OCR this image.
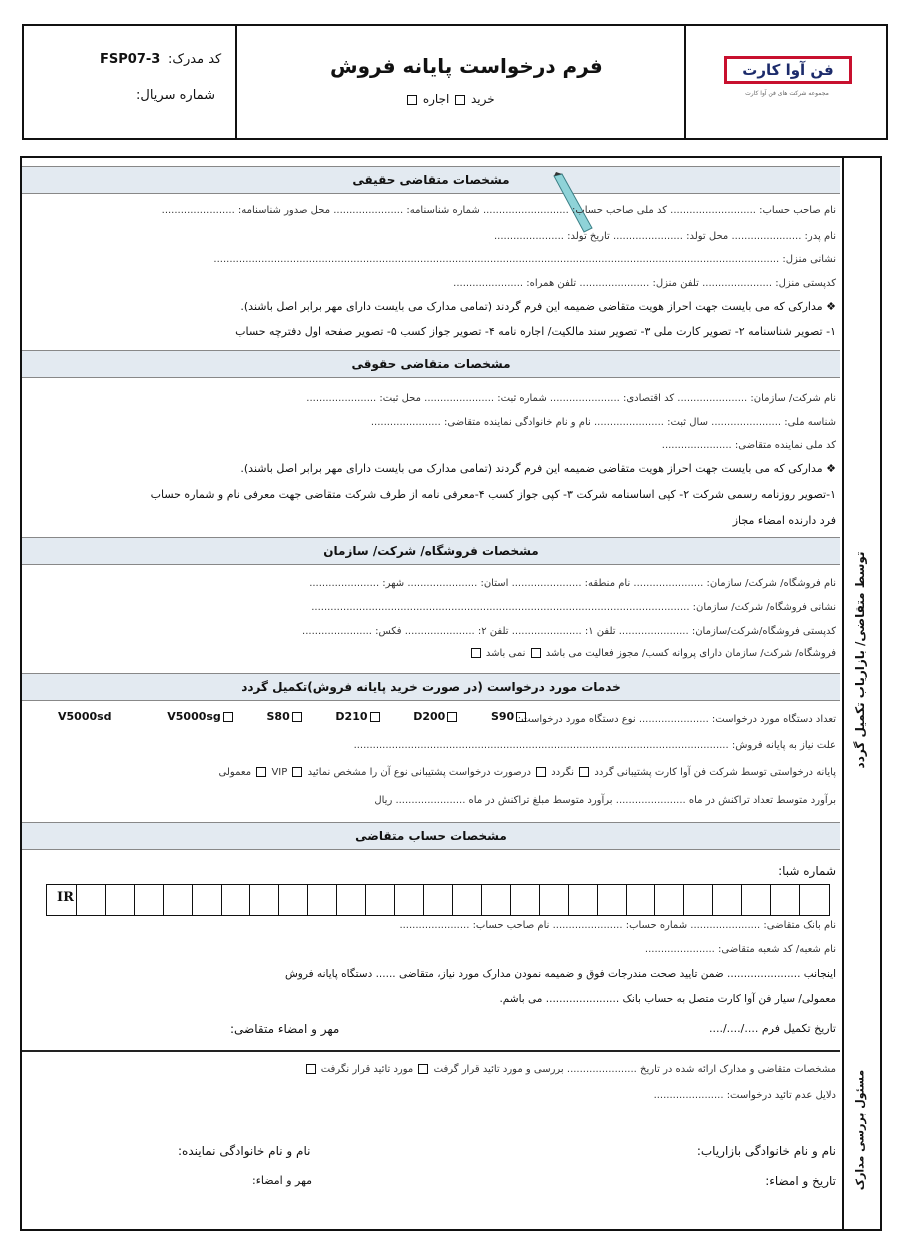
FSP07-3 کد مدرک:
شماره سریال:
فرم درخواست پایانه فروش
خرید  اجاره
فن آوا کارت
مجموعه شرکت های فن آوا کارت
توسط متقاضی/ بازاریاب تکمیل گردد
مسئول بررسی مدارک
مشخصات متقاضی حقیقی
نام صاحب حساب: ........................... کد ملی صاحب حساب: ........................... شماره شناسنامه: ...................... محل صدور شناسنامه: .......................
نام پدر: ...................... محل تولد: ...................... تاریخ تولد: ......................
نشانی منزل: ..................................................................................................................................................................................
کدپستی منزل: ...................... تلفن منزل: ...................... تلفن همراه: ......................
❖ مدارکی که می بایست جهت احراز هویت متقاضی ضمیمه این فرم گردند (تمامی مدارک می بایست دارای مهر برابر اصل باشند).
۱- تصویر شناسنامه ۲- تصویر کارت ملی ۳- تصویر سند مالکیت/ اجاره نامه ۴- تصویر جواز کسب ۵- تصویر صفحه اول دفترچه حساب
مشخصات متقاضی حقوقی
نام شرکت/ سازمان: ...................... کد اقتصادی: ...................... شماره ثبت: ...................... محل ثبت: ......................
شناسه ملی: ...................... سال ثبت: ...................... نام و نام خانوادگی نماینده متقاضی: ......................
کد ملی نماینده متقاضی: ......................
❖ مدارکی که می بایست جهت احراز هویت متقاضی ضمیمه این فرم گردند (تمامی مدارک می بایست دارای مهر برابر اصل باشند).
۱-تصویر روزنامه رسمی شرکت ۲- کپی اساسنامه شرکت ۳- کپی جواز کسب ۴-معرفی نامه از طرف شرکت متقاضی جهت معرفی نام و شماره حساب
فرد دارنده امضاء مجاز
مشخصات فروشگاه/ شرکت/ سازمان
نام فروشگاه/ شرکت/ سازمان: ...................... نام منطقه: ...................... استان: ...................... شهر: ......................
نشانی فروشگاه/ شرکت/ سازمان: .......................................................................................................................
کدپستی فروشگاه/شرکت/سازمان: ...................... تلفن ۱: ...................... تلفن ۲: ...................... فکس: ......................
فروشگاه/ شرکت/ سازمان دارای پروانه کسب/ مجوز فعالیت می باشد  نمی باشد
خدمات مورد درخواست (در صورت خرید پایانه فروش)تکمیل گردد
تعداد دستگاه مورد درخواست: ...................... نوع دستگاه مورد درخواست:
V5000sd	V5000sg	S80	D210	D200	S90
علت نیاز به پایانه فروش: ......................................................................................................................
پایانه درخواستی توسط شرکت فن آوا کارت پشتیبانی گردد  نگردد  درصورت درخواست پشتیبانی نوع آن را مشخص نمائید  VIP  معمولی
برآورد متوسط تعداد تراکنش در ماه ...................... برآورد متوسط مبلغ تراکنش در ماه ...................... ریال
مشخصات حساب متقاضی
شماره شبا:
IR
نام بانک متقاضی: ...................... شماره حساب: ...................... نام صاحب حساب: ......................
نام شعبه/ کد شعبه متقاضی: ......................
اینجانب ...................... ضمن تایید صحت مندرجات فوق و ضمیمه نمودن مدارک مورد نیاز، متقاضی ...... دستگاه پایانه فروش
معمولی/ سیار فن آوا کارت متصل به حساب بانک ...................... می باشم.
تاریخ تکمیل فرم ..../..../....
مهر و امضاء متقاضی:
مشخصات متقاضی و مدارک ارائه شده در تاریخ ...................... بررسی و مورد تائید قرار گرفت  مورد تائید قرار نگرفت
دلایل عدم تائید درخواست: ......................
نام و نام خانوادگی بازاریاب:
نام و نام خانوادگی نماینده:
تاریخ و امضاء:
مهر و امضاء:
